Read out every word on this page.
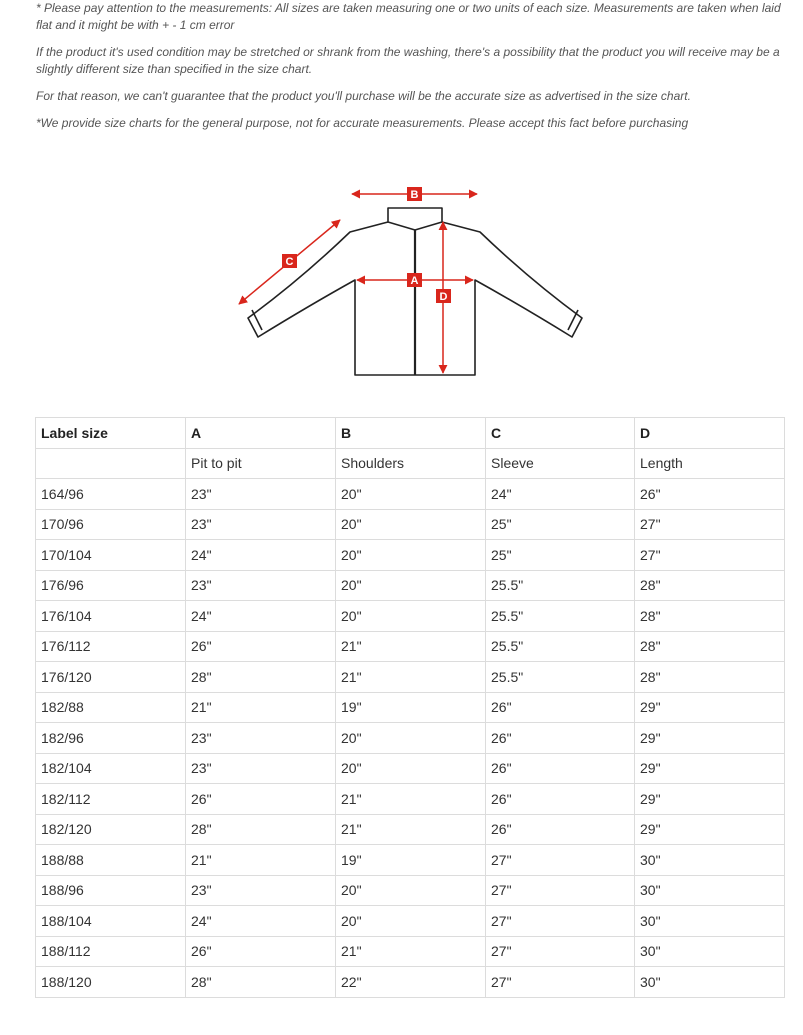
* Please pay attention to the measurements: All sizes are taken measuring one or two units of each size. Measurements are taken when laid flat and it might be with + - 1 cm error

If the product it's used condition may be stretched or shrank from the washing, there's a possibility that the product you will receive may be a slightly different size than specified in the size chart.

For that reason, we can't guarantee that the product you'll purchase will be the accurate size as advertised in the size chart.

*We provide size charts for the general purpose, not for accurate measurements. Please accept this fact before purchasing

B
A
C
D
Label size	A	B	C	D
	Pit to pit	Shoulders	Sleeve	Length
164/96	23"	20"	24"	26"
170/96	23"	20"	25"	27"
170/104	24"	20"	25"	27"
176/96	23"	20"	25.5"	28"
176/104	24"	20"	25.5"	28"
176/112	26"	21"	25.5"	28"
176/120	28"	21"	25.5"	28"
182/88	21"	19"	26"	29"
182/96	23"	20"	26"	29"
182/104	23"	20"	26"	29"
182/112	26"	21"	26"	29"
182/120	28"	21"	26"	29"
188/88	21"	19"	27"	30"
188/96	23"	20"	27"	30"
188/104	24"	20"	27"	30"
188/112	26"	21"	27"	30"
188/120	28"	22"	27"	30"
